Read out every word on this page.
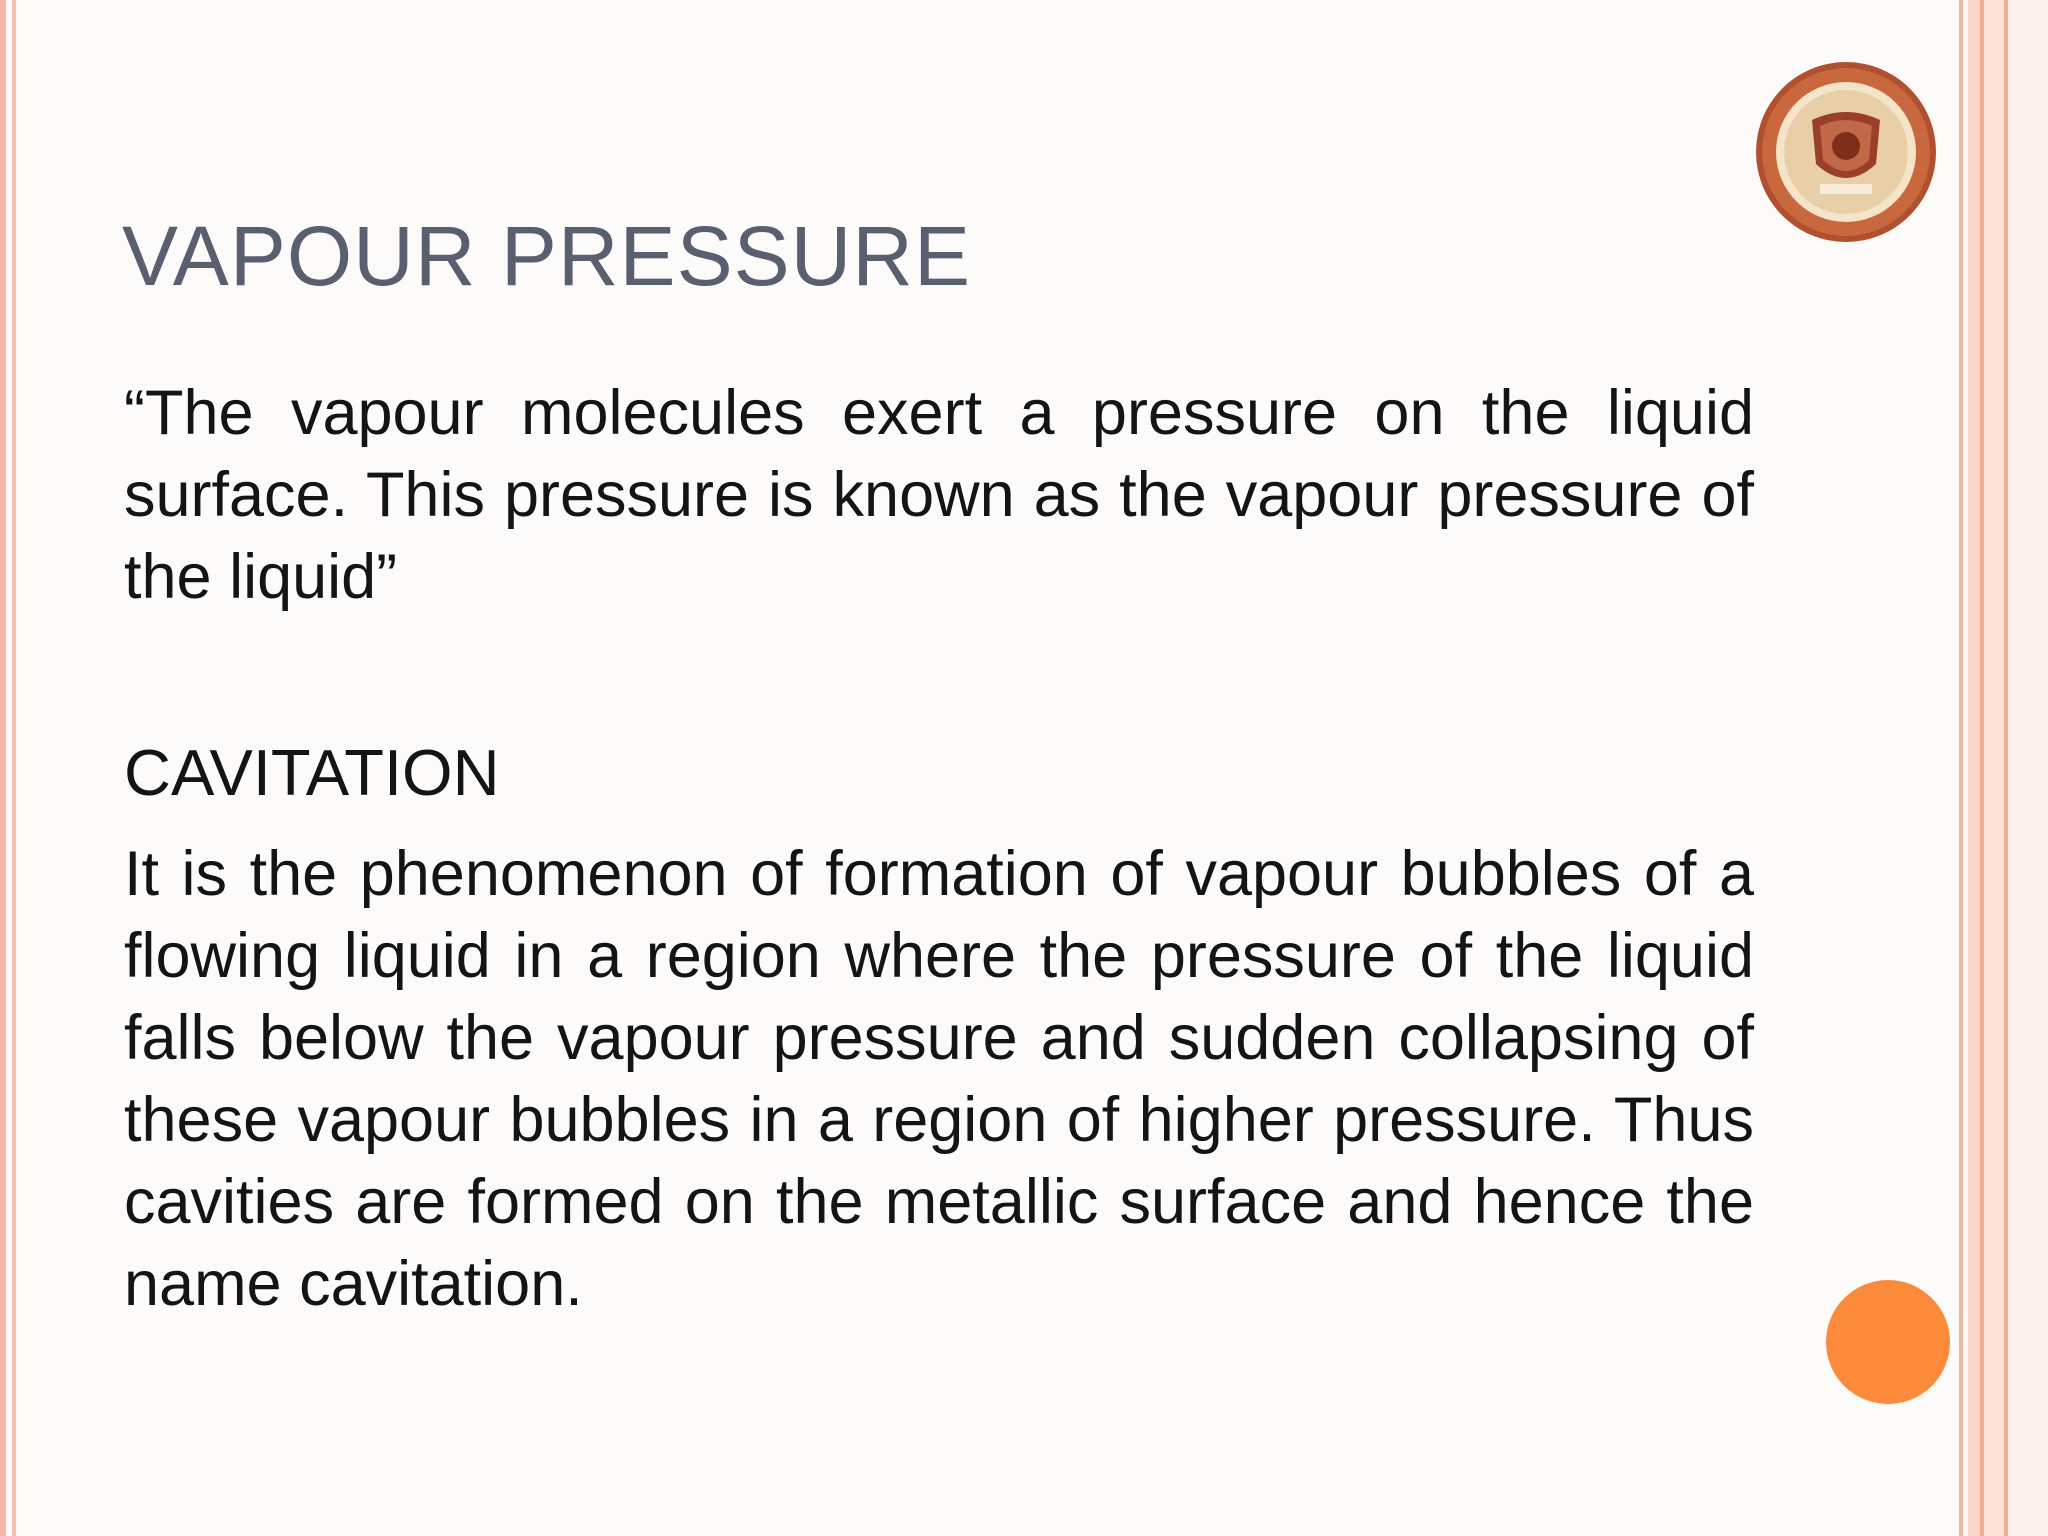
VAPOUR PRESSURE
“The vapour molecules exert a pressure on the liquid surface. This pressure is known as the vapour pressure of the liquid”
CAVITATION
It is the phenomenon of formation of vapour bubbles of a flowing liquid in a region where the pressure of the liquid falls below the vapour pressure and sudden collapsing of these vapour bubbles in a region of higher pressure. Thus cavities are formed on the metallic surface and hence the name cavitation.
